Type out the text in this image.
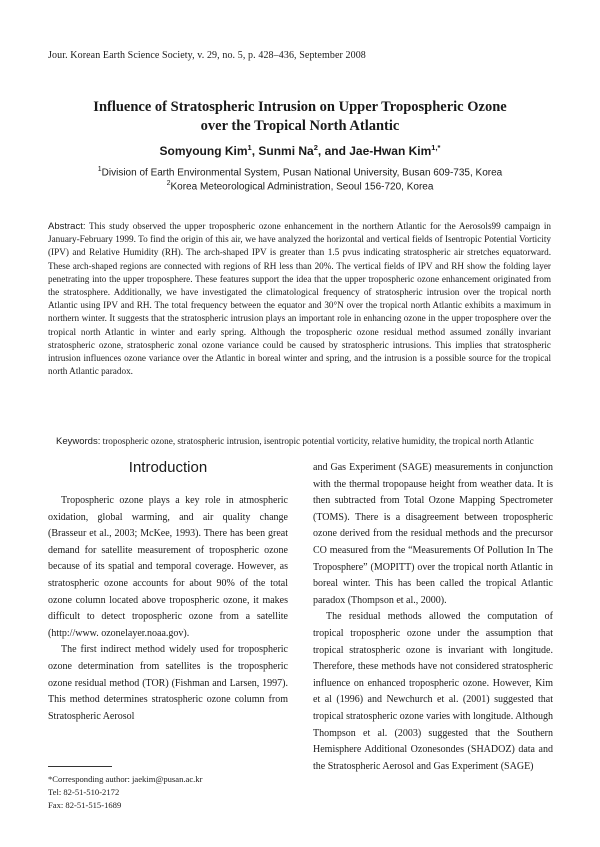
Jour. Korean Earth Science Society, v. 29, no. 5, p. 428–436, September 2008
Influence of Stratospheric Intrusion on Upper Tropospheric Ozone
over the Tropical North Atlantic
Somyoung Kim$^1$, Sunmi Na$^2$, and Jae-Hwan Kim$^{1,*}$
$^1$Division of Earth Environmental System, Pusan National University, Busan 609-735, Korea
$^2$Korea Meteorological Administration, Seoul 156-720, Korea
Abstract: This study observed the upper tropospheric ozone enhancement in the northern Atlantic for the Aerosols99 campaign in January-February 1999. To find the origin of this air, we have analyzed the horizontal and vertical fields of Isentropic Potential Vorticity (IPV) and Relative Humidity (RH). The arch-shaped IPV is greater than 1.5 pvus indicating stratospheric air stretches equatorward. These arch-shaped regions are connected with regions of RH less than 20%. The vertical fields of IPV and RH show the folding layer penetrating into the upper troposphere. These features support the idea that the upper tropospheric ozone enhancement originated from the stratosphere. Additionally, we have investigated the climatological frequency of stratospheric intrusion over the tropical north Atlantic using IPV and RH. The total frequency between the equator and 30°N over the tropical north Atlantic exhibits a maximum in northern winter. It suggests that the stratospheric intrusion plays an important role in enhancing ozone in the upper troposphere over the tropical north Atlantic in winter and early spring. Although the tropospheric ozone residual method assumed zonálly invariant stratospheric ozone, stratospheric zonal ozone variance could be caused by stratospheric intrusions. This implies that stratospheric intrusion influences ozone variance over the Atlantic in boreal winter and spring, and the intrusion is a possible source for the tropical north Atlantic paradox.
Keywords: tropospheric ozone, stratospheric intrusion, isentropic potential vorticity, relative humidity, the tropical north Atlantic
Introduction

Tropospheric ozone plays a key role in atmospheric oxidation, global warming, and air quality change (Brasseur et al., 2003; McKee, 1993). There has been great demand for satellite measurement of tropospheric ozone because of its spatial and temporal coverage. However, as stratospheric ozone accounts for about 90% of the total ozone column located above tropospheric ozone, it makes difficult to detect tropospheric ozone from a satellite (http://www. ozonelayer.noaa.gov).

The first indirect method widely used for tropospheric ozone determination from satellites is the tropospheric ozone residual method (TOR) (Fishman and Larsen, 1997). This method determines stratospheric ozone column from Stratospheric Aerosol

and Gas Experiment (SAGE) measurements in conjunction with the thermal tropopause height from weather data. It is then subtracted from Total Ozone Mapping Spectrometer (TOMS). There is a disagreement between tropospheric ozone derived from the residual methods and the precursor CO measured from the “Measurements Of Pollution In The Troposphere” (MOPITT) over the tropical north Atlantic in boreal winter. This has been called the tropical Atlantic paradox (Thompson et al., 2000).

The residual methods allowed the computation of tropical tropospheric ozone under the assumption that tropical stratospheric ozone is invariant with longitude. Therefore, these methods have not considered stratospheric influence on enhanced tropospheric ozone. However, Kim et al (1996) and Newchurch et al. (2001) suggested that tropical stratospheric ozone varies with longitude. Although Thompson et al. (2003) suggested that the Southern Hemisphere Additional Ozonesondes (SHADOZ) data and the Stratospheric Aerosol and Gas Experiment (SAGE)

*Corresponding author: jaekim@pusan.ac.kr
Tel: 82-51-510-2172
Fax: 82-51-515-1689
